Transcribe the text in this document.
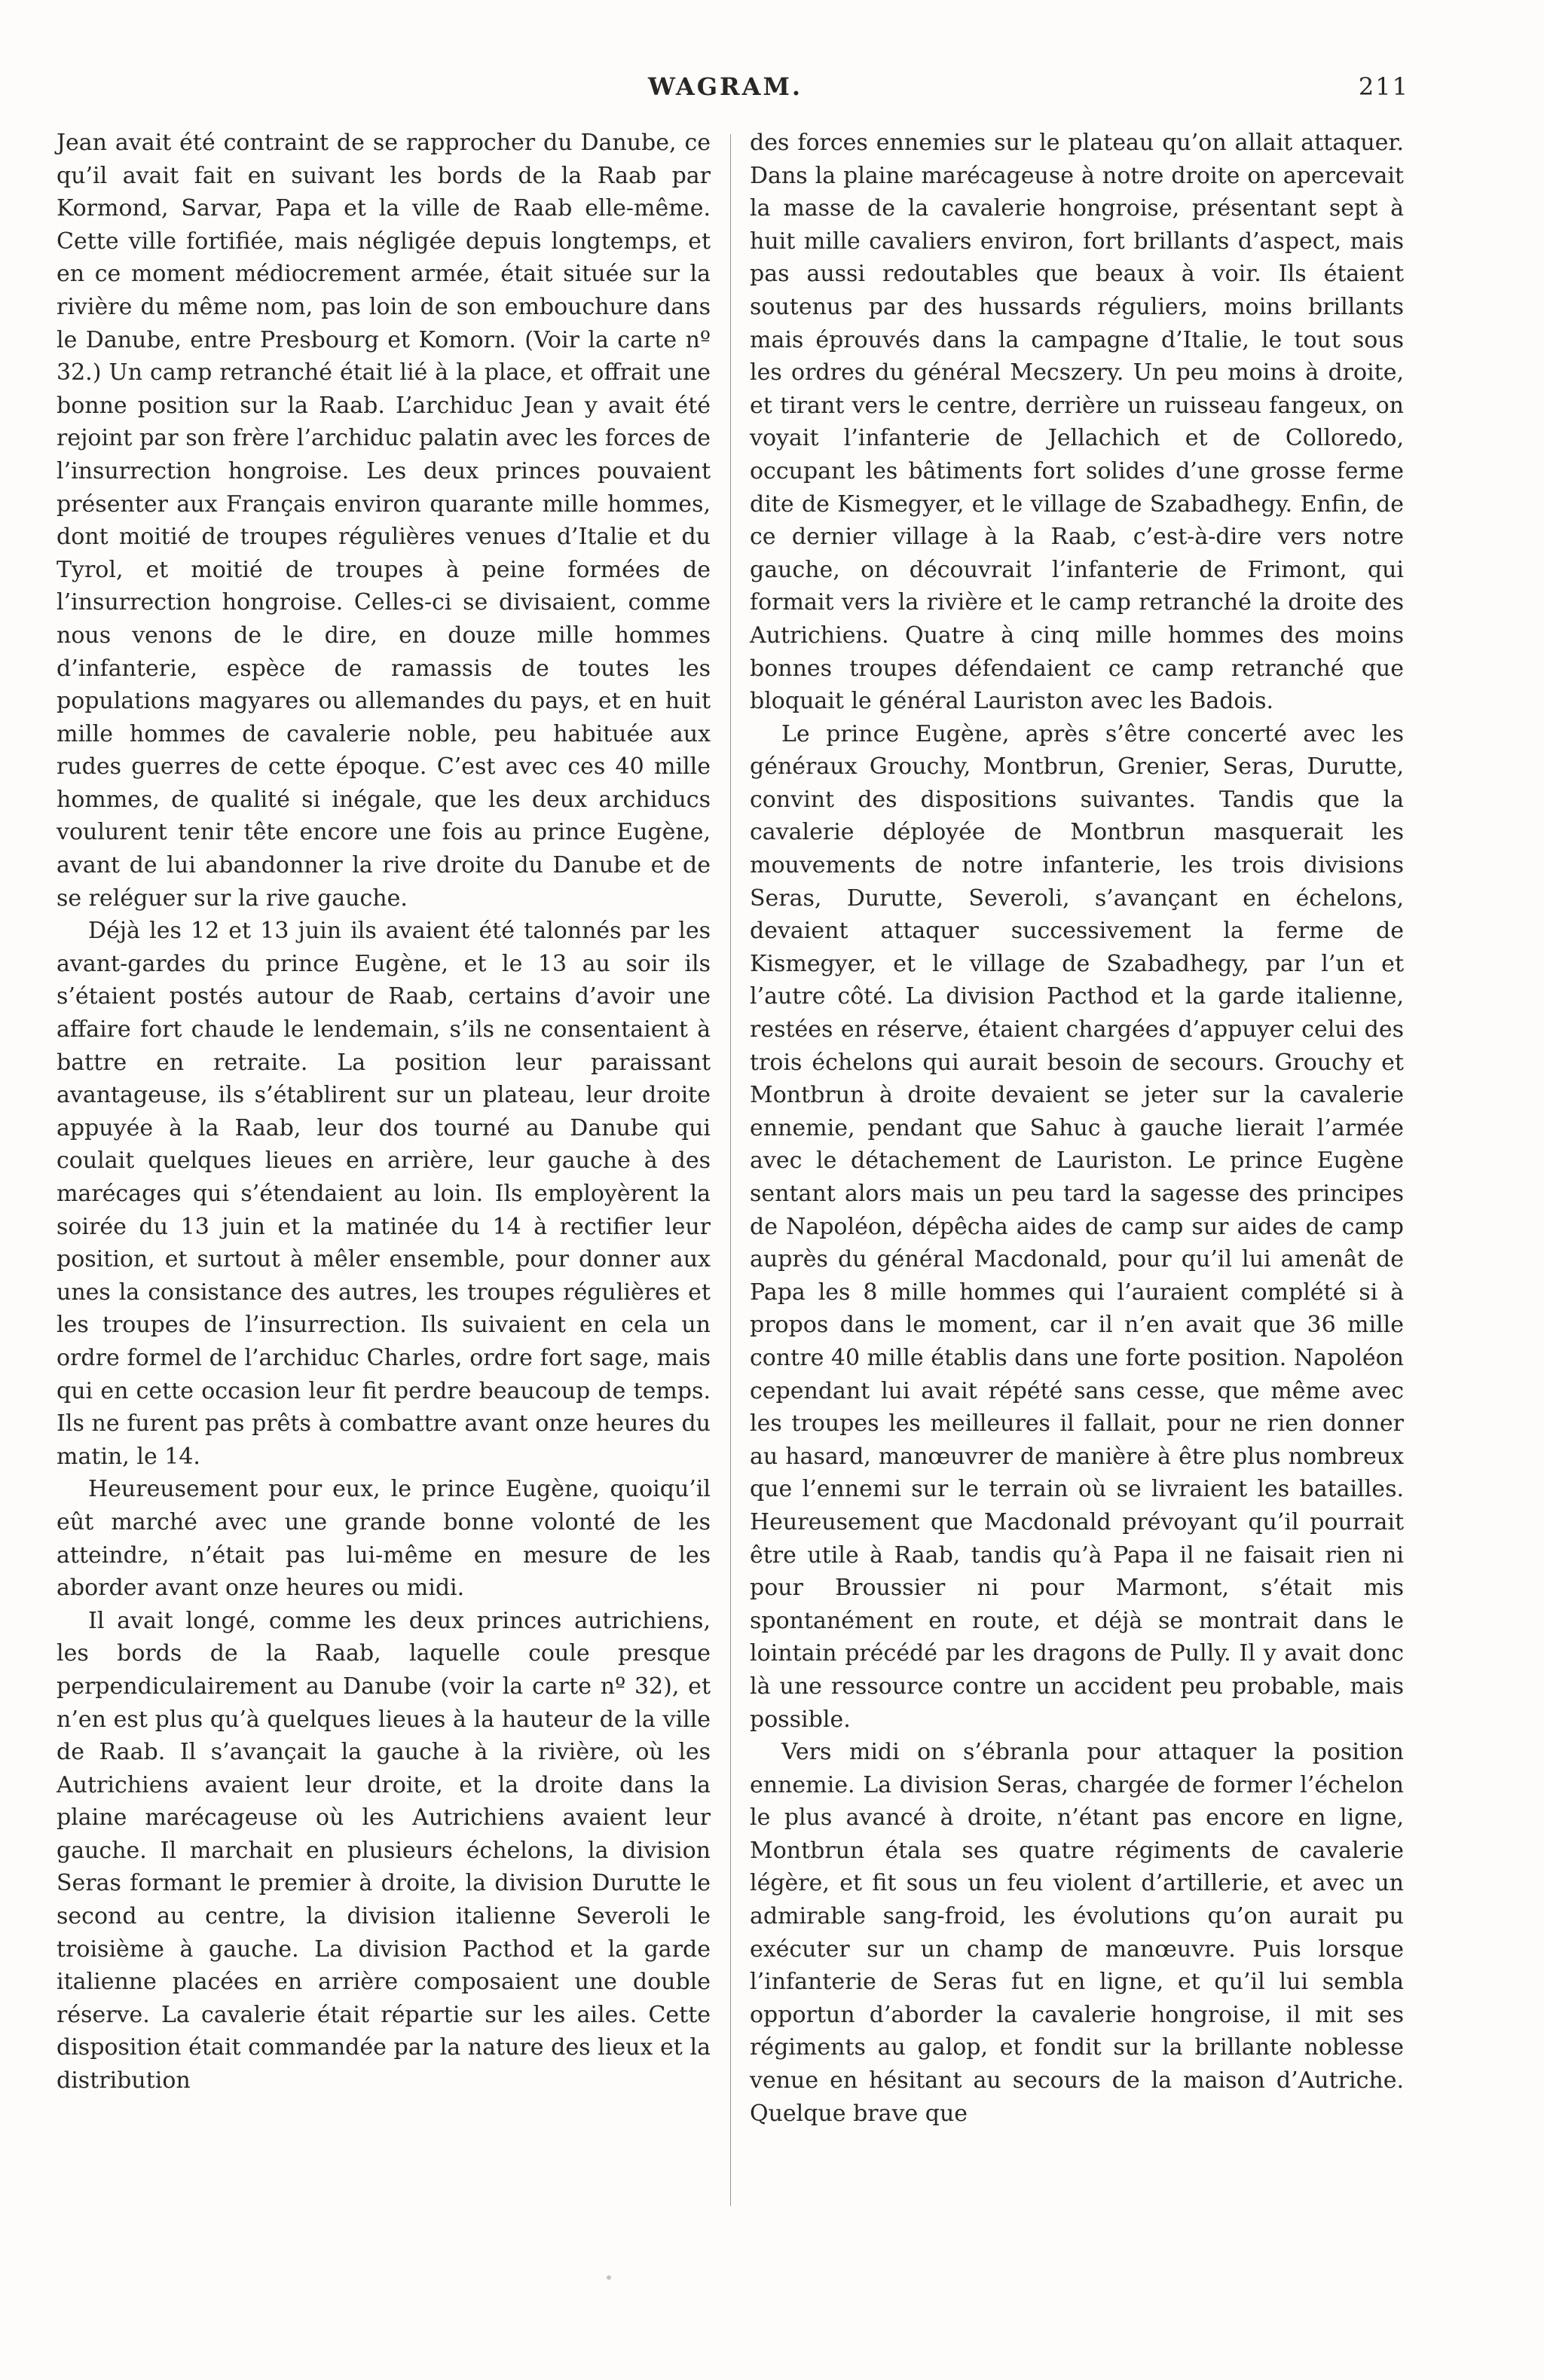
WAGRAM.	211

Jean avait été contraint de se rapprocher du Danube, ce qu’il avait fait en suivant les bords de la Raab par Kormond, Sarvar, Papa et la ville de Raab elle-même. Cette ville fortifiée, mais négligée depuis longtemps, et en ce moment médiocrement armée, était située sur la rivière du même nom, pas loin de son embouchure dans le Danube, entre Presbourg et Komorn. (Voir la carte nº 32.) Un camp retranché était lié à la place, et offrait une bonne position sur la Raab. L’archiduc Jean y avait été rejoint par son frère l’archiduc palatin avec les forces de l’insurrection hongroise. Les deux princes pouvaient présenter aux Français environ quarante mille hommes, dont moitié de troupes régulières venues d’Italie et du Tyrol, et moitié de troupes à peine formées de l’insurrection hongroise. Celles-ci se divisaient, comme nous venons de le dire, en douze mille hommes d’infanterie, espèce de ramassis de toutes les populations magyares ou allemandes du pays, et en huit mille hommes de cavalerie noble, peu habituée aux rudes guerres de cette époque. C’est avec ces 40 mille hommes, de qualité si inégale, que les deux archiducs voulurent tenir tête encore une fois au prince Eugène, avant de lui abandonner la rive droite du Danube et de se reléguer sur la rive gauche.

Déjà les 12 et 13 juin ils avaient été talonnés par les avant-gardes du prince Eugène, et le 13 au soir ils s’étaient postés autour de Raab, certains d’avoir une affaire fort chaude le lendemain, s’ils ne consentaient à battre en retraite. La position leur paraissant avantageuse, ils s’établirent sur un plateau, leur droite appuyée à la Raab, leur dos tourné au Danube qui coulait quelques lieues en arrière, leur gauche à des marécages qui s’étendaient au loin. Ils employèrent la soirée du 13 juin et la matinée du 14 à rectifier leur position, et surtout à mêler ensemble, pour donner aux unes la consistance des autres, les troupes régulières et les troupes de l’insurrection. Ils suivaient en cela un ordre formel de l’archiduc Charles, ordre fort sage, mais qui en cette occasion leur fit perdre beaucoup de temps. Ils ne furent pas prêts à combattre avant onze heures du matin, le 14.

Heureusement pour eux, le prince Eugène, quoiqu’il eût marché avec une grande bonne volonté de les atteindre, n’était pas lui-même en mesure de les aborder avant onze heures ou midi.

Il avait longé, comme les deux princes autrichiens, les bords de la Raab, laquelle coule presque perpendiculairement au Danube (voir la carte nº 32), et n’en est plus qu’à quelques lieues à la hauteur de la ville de Raab. Il s’avançait la gauche à la rivière, où les Autrichiens avaient leur droite, et la droite dans la plaine marécageuse où les Autrichiens avaient leur gauche. Il marchait en plusieurs échelons, la division Seras formant le premier à droite, la division Durutte le second au centre, la division italienne Severoli le troisième à gauche. La division Pacthod et la garde italienne placées en arrière composaient une double réserve. La cavalerie était répartie sur les ailes. Cette disposition était commandée par la nature des lieux et la distribution

des forces ennemies sur le plateau qu’on allait attaquer. Dans la plaine marécageuse à notre droite on apercevait la masse de la cavalerie hongroise, présentant sept à huit mille cavaliers environ, fort brillants d’aspect, mais pas aussi redoutables que beaux à voir. Ils étaient soutenus par des hussards réguliers, moins brillants mais éprouvés dans la campagne d’Italie, le tout sous les ordres du général Mecszery. Un peu moins à droite, et tirant vers le centre, derrière un ruisseau fangeux, on voyait l’infanterie de Jellachich et de Colloredo, occupant les bâtiments fort solides d’une grosse ferme dite de Kismegyer, et le village de Szabadhegy. Enfin, de ce dernier village à la Raab, c’est-à-dire vers notre gauche, on découvrait l’infanterie de Frimont, qui formait vers la rivière et le camp retranché la droite des Autrichiens. Quatre à cinq mille hommes des moins bonnes troupes défendaient ce camp retranché que bloquait le général Lauriston avec les Badois.

Le prince Eugène, après s’être concerté avec les généraux Grouchy, Montbrun, Grenier, Seras, Durutte, convint des dispositions suivantes. Tandis que la cavalerie déployée de Montbrun masquerait les mouvements de notre infanterie, les trois divisions Seras, Durutte, Severoli, s’avançant en échelons, devaient attaquer successivement la ferme de Kismegyer, et le village de Szabadhegy, par l’un et l’autre côté. La division Pacthod et la garde italienne, restées en réserve, étaient chargées d’appuyer celui des trois échelons qui aurait besoin de secours. Grouchy et Montbrun à droite devaient se jeter sur la cavalerie ennemie, pendant que Sahuc à gauche lierait l’armée avec le détachement de Lauriston. Le prince Eugène sentant alors mais un peu tard la sagesse des principes de Napoléon, dépêcha aides de camp sur aides de camp auprès du général Macdonald, pour qu’il lui amenât de Papa les 8 mille hommes qui l’auraient complété si à propos dans le moment, car il n’en avait que 36 mille contre 40 mille établis dans une forte position. Napoléon cependant lui avait répété sans cesse, que même avec les troupes les meilleures il fallait, pour ne rien donner au hasard, manœuvrer de manière à être plus nombreux que l’ennemi sur le terrain où se livraient les batailles. Heureusement que Macdonald prévoyant qu’il pourrait être utile à Raab, tandis qu’à Papa il ne faisait rien ni pour Broussier ni pour Marmont, s’était mis spontanément en route, et déjà se montrait dans le lointain précédé par les dragons de Pully. Il y avait donc là une ressource contre un accident peu probable, mais possible.

Vers midi on s’ébranla pour attaquer la position ennemie. La division Seras, chargée de former l’échelon le plus avancé à droite, n’étant pas encore en ligne, Montbrun étala ses quatre régiments de cavalerie légère, et fit sous un feu violent d’artillerie, et avec un admirable sang-froid, les évolutions qu’on aurait pu exécuter sur un champ de manœuvre. Puis lorsque l’infanterie de Seras fut en ligne, et qu’il lui sembla opportun d’aborder la cavalerie hongroise, il mit ses régiments au galop, et fondit sur la brillante noblesse venue en hésitant au secours de la maison d’Autriche. Quelque brave que
